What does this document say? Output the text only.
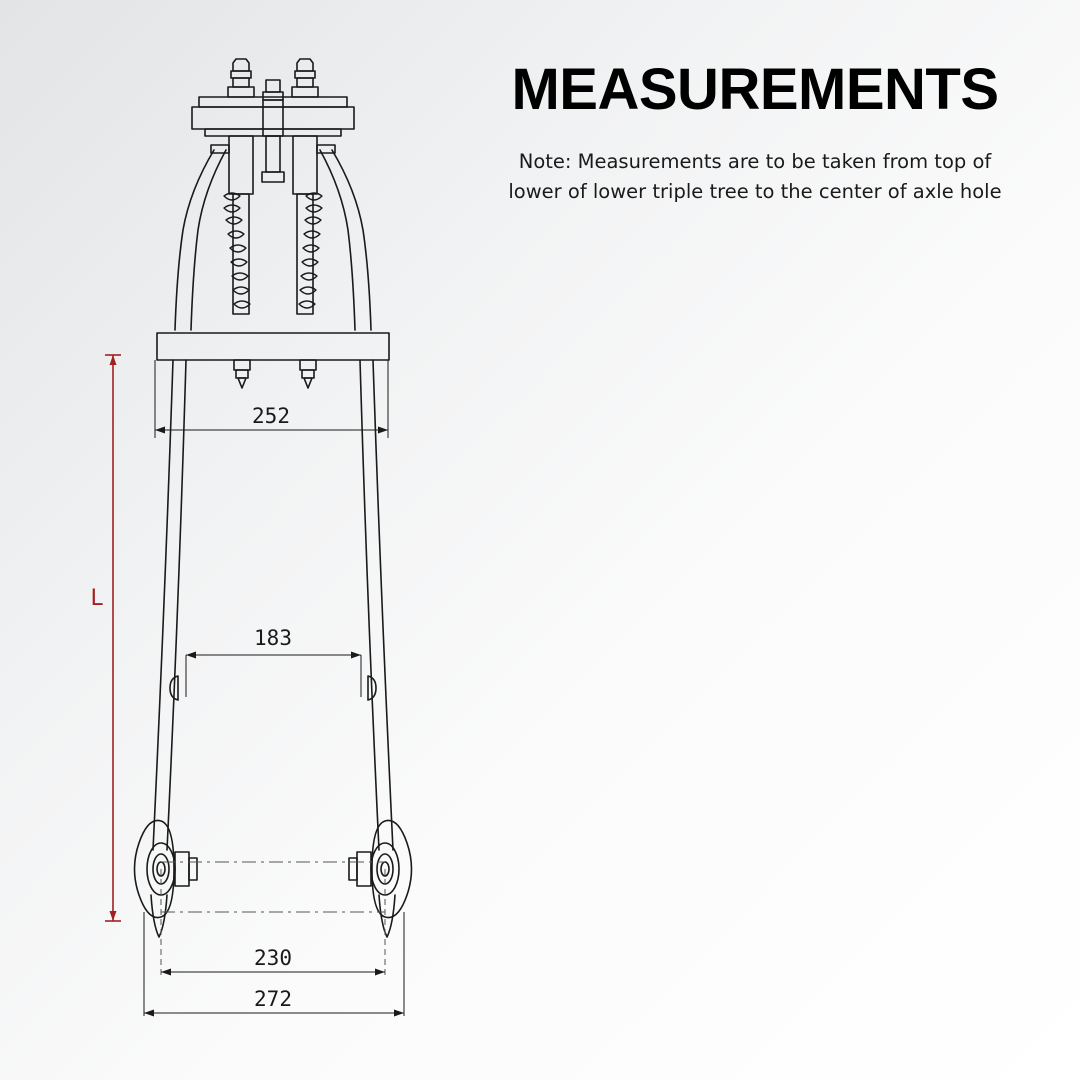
252
183
230
272
L
MEASUREMENTS

Note: Measurements are to be taken from top of lower of lower triple tree to the center of axle hole
